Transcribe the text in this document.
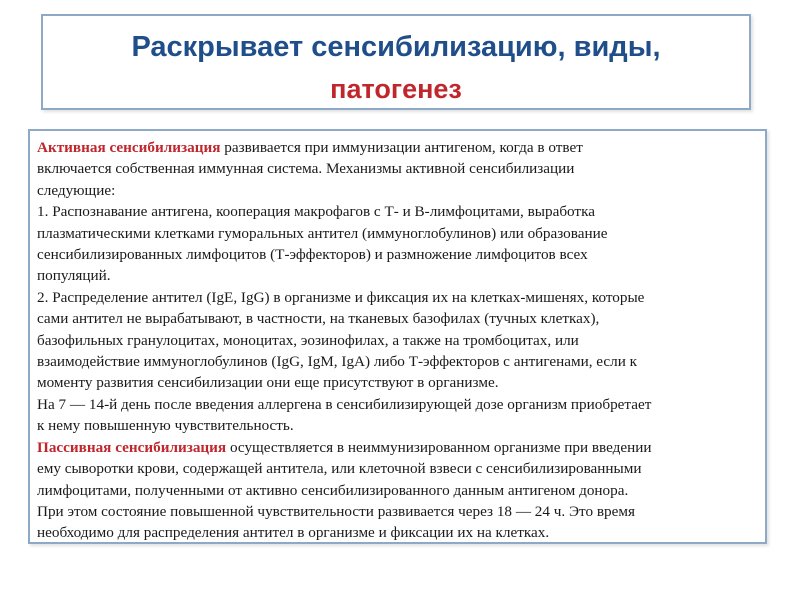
Раскрывает сенсибилизацию, виды,
патогенез
Активная сенсибилизация развивается при иммунизации антигеном, когда в ответ
включается собственная иммунная система. Механизмы активной сенсибилизации
следующие:
1. Распознавание антигена, кооперация макрофагов с Т- и В-лимфоцитами, выработка
плазматическими клетками гуморальных антител (иммуноглобулинов) или образование
сенсибилизированных лимфоцитов (Т-эффекторов) и размножение лимфоцитов всех
популяций.
2. Распределение антител (IgE, IgG) в организме и фиксация их на клетках-мишенях, которые
сами антител не вырабатывают, в частности, на тканевых базофилах (тучных клетках),
базофильных гранулоцитах, моноцитах, эозинофилах, а также на тромбоцитах, или
взаимодействие иммуноглобулинов (IgG, IgM, IgA) либо Т-эффекторов с антигенами, если к
моменту развития сенсибилизации они еще присутствуют в организме.
На 7 — 14-й день после введения аллергена в сенсибилизирующей дозе организм приобретает
к нему повышенную чувствительность.
Пассивная сенсибилизация осуществляется в неиммунизированном организме при введении
ему сыворотки крови, содержащей антитела, или клеточной взвеси с сенсибилизированными
лимфоцитами, полученными от активно сенсибилизированного данным антигеном донора.
При этом состояние повышенной чувствительности развивается через 18 — 24 ч. Это время
необходимо для распределения антител в организме и фиксации их на клетках.
